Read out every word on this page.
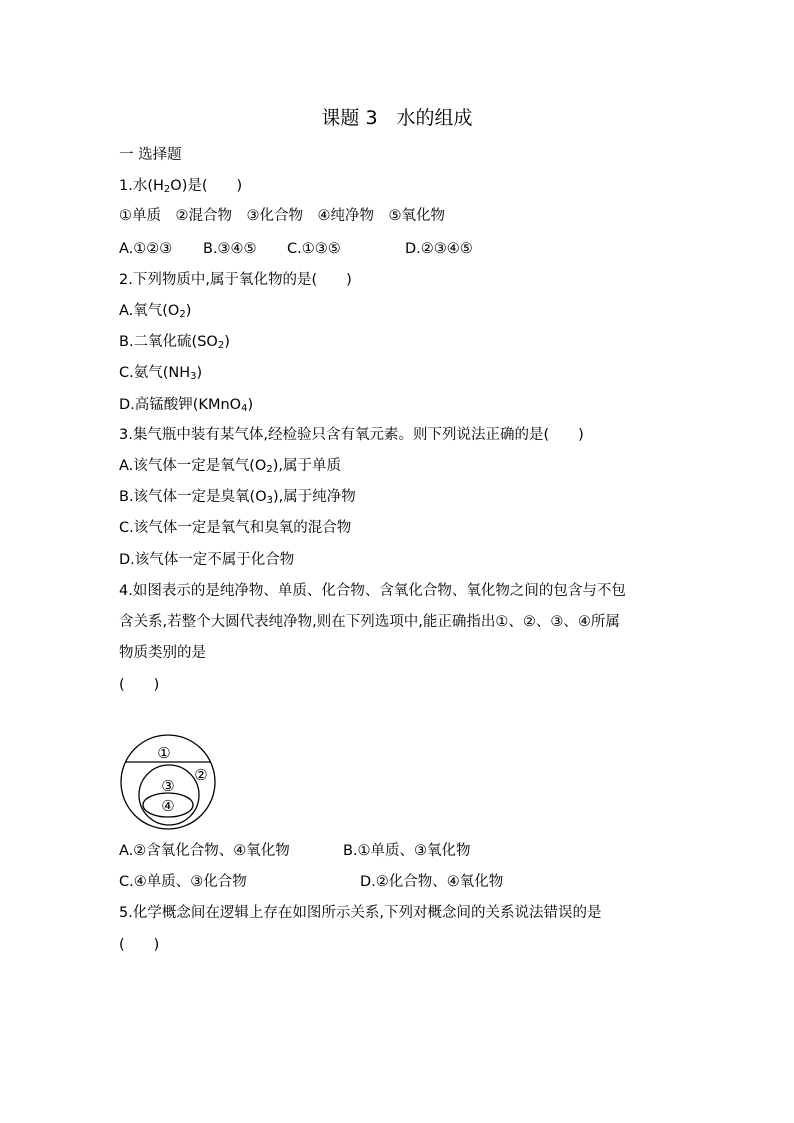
课题 3　水的组成
一 选择题
1.水$(H_2O)$是(　　)
①单质　②混合物　③化合物　④纯净物　⑤氧化物
A.①②③ B.③④⑤ C.①③⑤	D.②③④⑤
2.下列物质中,属于氧化物的是(　　)
A.氧气$(O_2)$
B.二氧化硫$(SO_2)$
C.氨气$(NH_3)$
D.高锰酸钾(KMnO$_4$)
3.集气瓶中装有某气体,经检验只含有氧元素。则下列说法正确的是(　　)
A.该气体一定是氧气$(O_2)$,属于单质
B.该气体一定是臭氧$(O_3)$,属于纯净物
C.该气体一定是氧气和臭氧的混合物
D.该气体一定不属于化合物
4.如图表示的是纯净物、单质、化合物、含氧化合物、氧化物之间的包含与不包
含关系,若整个大圆代表纯净物,则在下列选项中,能正确指出①、②、③、④所属
物质类别的是
(　　)
①
②
③
④
A.②含氧化合物、④氧化物	B.①单质、③氧化物
C.④单质、③化合物	D.②化合物、④氧化物
5.化学概念间在逻辑上存在如图所示关系,下列对概念间的关系说法错误的是
(　　)
